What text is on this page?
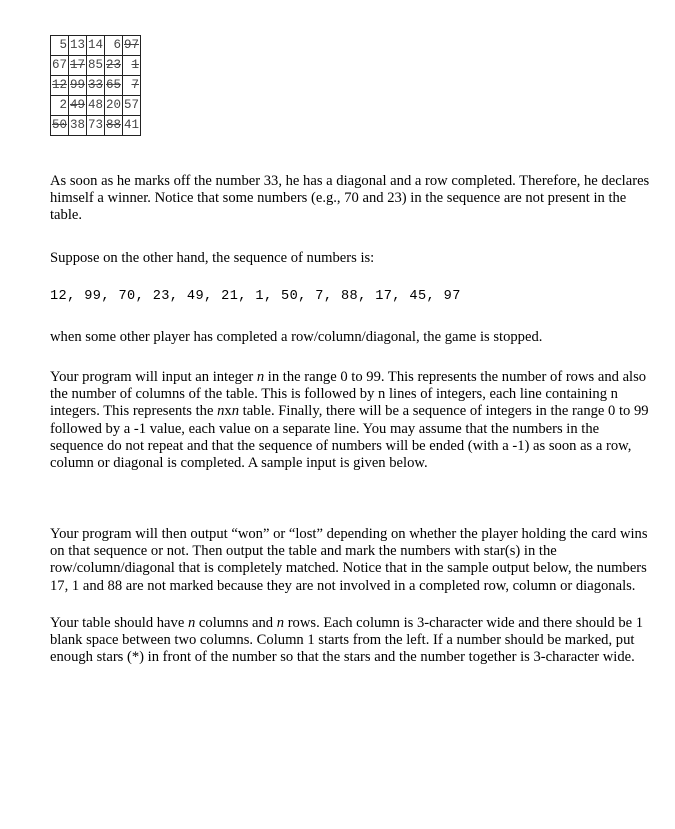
5	13	14	6	97
67	17	85	23	1
12	99	33	65	7
2	49	48	20	57
50	38	73	88	41

As soon as he marks off the number 33, he has a diagonal and a row completed. Therefore, he declares himself a winner. Notice that some numbers (e.g., 70 and 23) in the sequence are not present in the table.

Suppose on the other hand, the sequence of numbers is:

12, 99, 70, 23, 49, 21, 1, 50, 7, 88, 17, 45, 97

when some other player has completed a row/column/diagonal, the game is stopped.

Your program will input an integer n in the range 0 to 99. This represents the number of rows and also the number of columns of the table. This is followed by n lines of integers, each line containing n integers. This represents the nxn table. Finally, there will be a sequence of integers in the range 0 to 99 followed by a -1 value, each value on a separate line. You may assume that the numbers in the sequence do not repeat and that the sequence of numbers will be ended (with a -1) as soon as a row, column or diagonal is completed. A sample input is given below.

Your program will then output “won” or “lost” depending on whether the player holding the card wins on that sequence or not. Then output the table and mark the numbers with star(s) in the row/column/diagonal that is completely matched. Notice that in the sample output below, the numbers 17, 1 and 88 are not marked because they are not involved in a completed row, column or diagonals.

Your table should have n columns and n rows. Each column is 3-character wide and there should be 1 blank space between two columns. Column 1 starts from the left. If a number should be marked, put enough stars (*) in front of the number so that the stars and the number together is 3-character wide.
